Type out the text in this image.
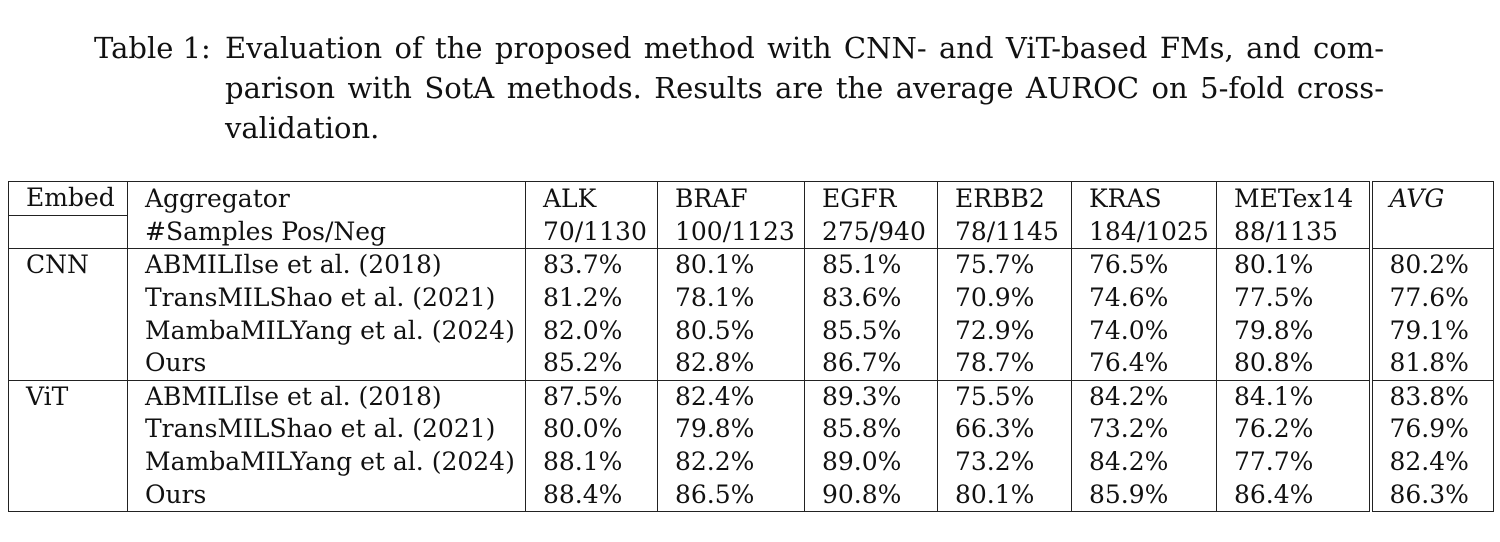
Table 1: Evaluation of the proposed method with CNN- and ViT-based FMs, and comparison with SotA methods. Results are the average AUROC on 5-fold crossvalidation.
Embed	Aggregator	ALK	BRAF	EGFR	ERBB2	KRAS	METex14	AVG
	#Samples Pos/Neg	70/1130	100/1123	275/940	78/1145	184/1025	88/1135	
CNN	ABMILIlse et al. (2018)	83.7%	80.1%	85.1%	75.7%	76.5%	80.1%	80.2%
	TransMILShao et al. (2021)	81.2%	78.1%	83.6%	70.9%	74.6%	77.5%	77.6%
	MambaMILYang et al. (2024)	82.0%	80.5%	85.5%	72.9%	74.0%	79.8%	79.1%
	Ours	85.2%	82.8%	86.7%	78.7%	76.4%	80.8%	81.8%
ViT	ABMILIlse et al. (2018)	87.5%	82.4%	89.3%	75.5%	84.2%	84.1%	83.8%
	TransMILShao et al. (2021)	80.0%	79.8%	85.8%	66.3%	73.2%	76.2%	76.9%
	MambaMILYang et al. (2024)	88.1%	82.2%	89.0%	73.2%	84.2%	77.7%	82.4%
	Ours	88.4%	86.5%	90.8%	80.1%	85.9%	86.4%	86.3%
